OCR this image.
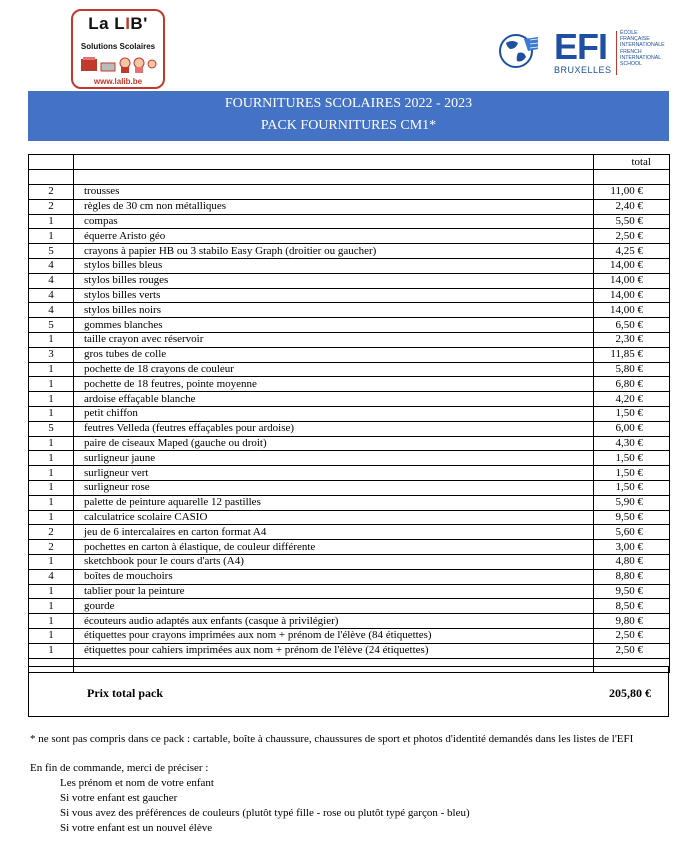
La LIB'
Solutions Scolaires
www.lalib.be
EFI
BRUXELLES
ÉCOLE
FRANÇAISE
INTERNATIONALE
FRENCH
INTERNATIONAL
SCHOOL
FOURNITURES SCOLAIRES 2022 - 2023
PACK FOURNITURES CM1*
		total

2	trousses	11,00 €
2	règles de 30 cm non métalliques	2,40 €
1	compas	5,50 €
1	équerre Aristo géo	2,50 €
5	crayons à papier HB ou 3 stabilo Easy Graph (droitier ou gaucher)	4,25 €
4	stylos billes bleus	14,00 €
4	stylos billes rouges	14,00 €
4	stylos billes verts	14,00 €
4	stylos billes noirs	14,00 €
5	gommes blanches	6,50 €
1	taille crayon avec réservoir	2,30 €
3	gros tubes de colle	11,85 €
1	pochette de 18 crayons de couleur	5,80 €
1	pochette de 18 feutres, pointe moyenne	6,80 €
1	ardoise effaçable blanche	4,20 €
1	petit chiffon	1,50 €
5	feutres Velleda (feutres effaçables pour ardoise)	6,00 €
1	paire de ciseaux Maped (gauche ou droit)	4,30 €
1	surligneur jaune	1,50 €
1	surligneur vert	1,50 €
1	surligneur rose	1,50 €
1	palette de peinture aquarelle 12 pastilles	5,90 €
1	calculatrice scolaire CASIO	9,50 €
2	jeu de 6 intercalaires en carton format A4	5,60 €
2	pochettes en carton à élastique, de couleur différente	3,00 €
1	sketchbook pour le cours d'arts (A4)	4,80 €
4	boîtes de mouchoirs	8,80 €
1	tablier pour la peinture	9,50 €
1	gourde	8,50 €
1	écouteurs audio adaptés aux enfants (casque à privilégier)	9,80 €
1	étiquettes pour crayons imprimées aux nom + prénom de l'élève (84 étiquettes)	2,50 €
1	étiquettes pour cahiers imprimées aux nom + prénom de l'élève (24 étiquettes)	2,50 €

Prix total pack	205,80 €
* ne sont pas compris dans ce pack : cartable, boîte à chaussure, chaussures de sport et photos d'identité demandés dans les listes de l'EFI
En fin de commande, merci de préciser :
Les prénom et nom de votre enfant
Si votre enfant est gaucher
Si vous avez des préférences de couleurs (plutôt typé fille - rose ou plutôt typé garçon - bleu)
Si votre enfant est un nouvel élève
